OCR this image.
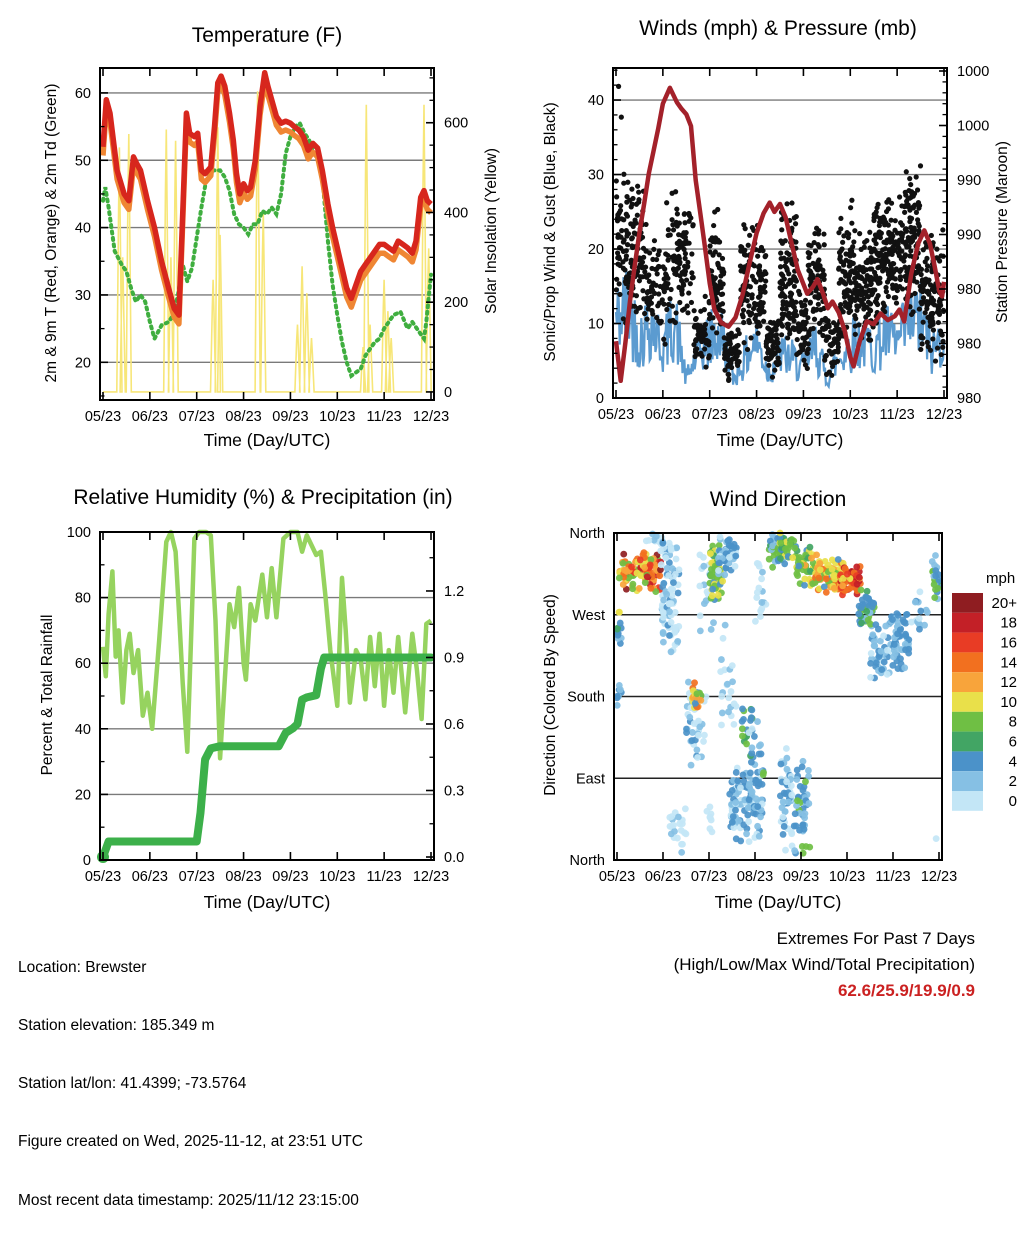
05/23 06/23 07/23 08/23 09/23 10/23 11/23 12/23
20
30
40
50
60
0
200
400
600
05/23 06/23 07/23 08/23 09/23 10/23 11/23 12/23
0
10
20
30
40
1000
1000
990
990
980
980
980
05/23 06/23 07/23 08/23 09/23 10/23 11/23 12/23
0
20
40
60
80
100
0.0
0.3
0.6
0.9
1.2
05/23 06/23 07/23 08/23 09/23 10/23 11/23 12/23
North
West
South
East
North
20+
18
16
14
12
10
8
6
4
2
0
Temperature (F)	Winds (mph) & Pressure (mb)
Relative Humidity (%) & Precipitation (in)	Wind Direction
Time (Day/UTC)	Time (Day/UTC)
Time (Day/UTC)	Time (Day/UTC)
2m & 9m T (Red, Orange) & 2m Td (Green)	Solar Insolation (Yellow)	Sonic/Prop Wind & Gust (Blue, Black)	Station Pressure (Maroon)
Percent & Total Rainfall	Direction (Colored By Speed)
mph

Location: Brewster

Station elevation: 185.349 m

Station lat/lon: 41.4399; -73.5764

Figure created on Wed, 2025-11-12, at 23:51 UTC

Most recent data timestamp: 2025/11/12 23:15:00

Extremes For Past 7 Days
(High/Low/Max Wind/Total Precipitation)
62.6/25.9/19.9/0.9
